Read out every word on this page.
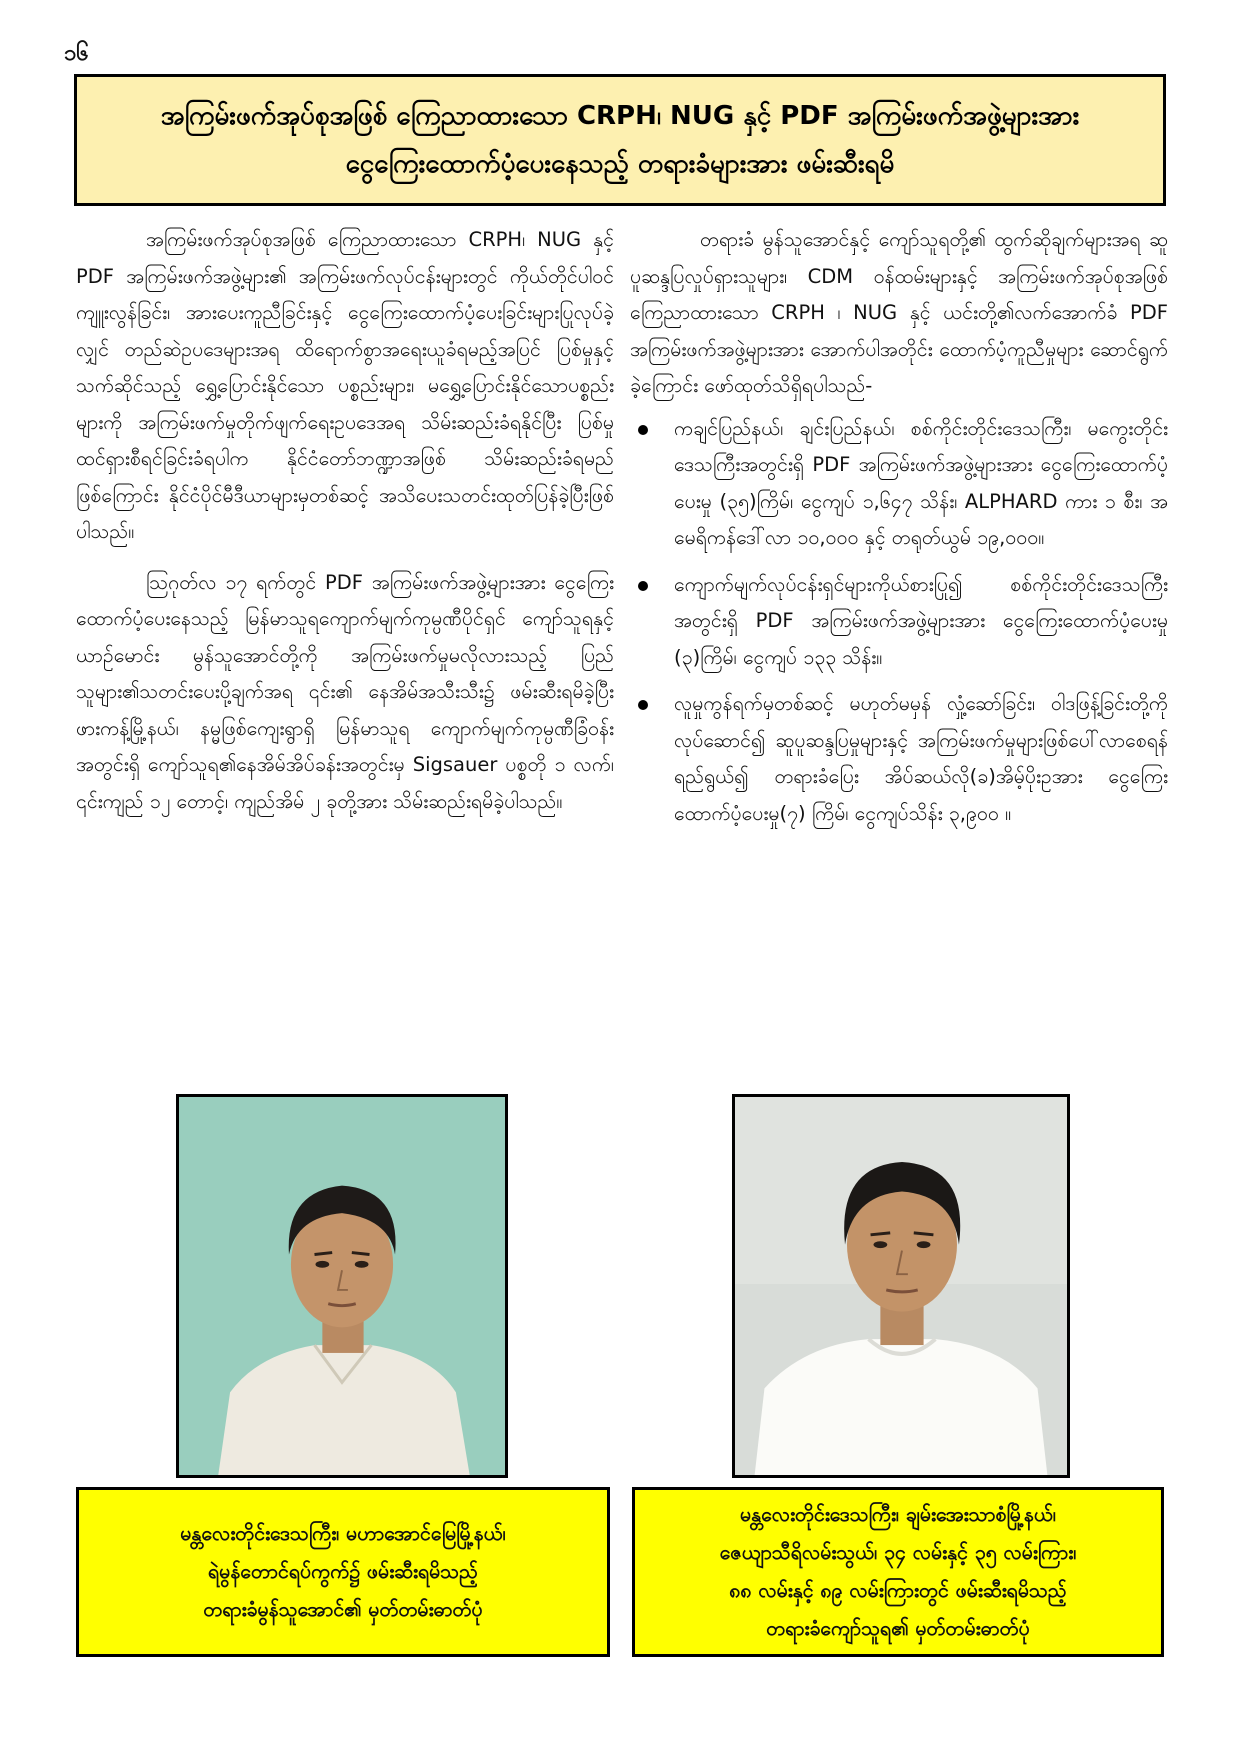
၁၆
အကြမ်းဖက်အုပ်စုအဖြစ် ကြေညာထားသော CRPH၊ NUG နှင့် PDF အကြမ်းဖက်အဖွဲ့များအား
ငွေကြေးထောက်ပံ့ပေးနေသည့် တရားခံများအား ဖမ်းဆီးရမိ

အကြမ်းဖက်အုပ်စုအဖြစ် ကြေညာထားသော CRPH၊ NUG နှင့် PDF အကြမ်းဖက်အဖွဲ့များ၏ အကြမ်းဖက်လုပ်ငန်းများတွင် ကိုယ်တိုင်ပါဝင်ကျူးလွန်ခြင်း၊ အားပေးကူညီခြင်းနှင့် ငွေကြေးထောက်ပံ့ပေးခြင်းများပြုလုပ်ခဲ့လျှင် တည်ဆဲဥပဒေများအရ ထိရောက်စွာအရေးယူခံရမည့်အပြင် ပြစ်မှုနှင့်သက်ဆိုင်သည့် ရွှေ့ပြောင်းနိုင်သော ပစ္စည်းများ၊ မရွှေ့ပြောင်းနိုင်သောပစ္စည်းများကို အကြမ်းဖက်မှုတိုက်ဖျက်ရေးဥပဒေအရ သိမ်းဆည်းခံရနိုင်ပြီး ပြစ်မှုထင်ရှားစီရင်ခြင်းခံရပါက နိုင်ငံတော်ဘဏ္ဍာအဖြစ် သိမ်းဆည်းခံရမည်ဖြစ်ကြောင်း နိုင်ငံပိုင်မီဒီယာများမှတစ်ဆင့် အသိပေးသတင်းထုတ်ပြန်ခဲ့ပြီးဖြစ်ပါသည်။

ဩဂုတ်လ ၁၇ ရက်တွင် PDF အကြမ်းဖက်အဖွဲ့များအား ငွေကြေးထောက်ပံ့ပေးနေသည့် မြန်မာသူရကျောက်မျက်ကုမ္ပဏီပိုင်ရှင် ကျော်သူရနှင့် ယာဉ်မောင်း မွန်သူအောင်တို့ကို အကြမ်းဖက်မှုမလိုလားသည့် ပြည်သူများ၏သတင်းပေးပို့ချက်အရ ၎င်း၏ နေအိမ်အသီးသီး၌ ဖမ်းဆီးရမိခဲ့ပြီး ဖားကန့်မြို့နယ်၊ နမ္မဖြစ်ကျေးရွာရှိ မြန်မာသူရ ကျောက်မျက်ကုမ္ပဏီခြံဝန်းအတွင်းရှိ ကျော်သူရ၏နေအိမ်အိပ်ခန်းအတွင်းမှ Sigsauer ပစ္စတို ၁ လက်၊ ၎င်းကျည် ၁၂ တောင့်၊ ကျည်အိမ် ၂ ခုတို့အား သိမ်းဆည်းရမိခဲ့ပါသည်။

တရားခံ မွန်သူအောင်နှင့် ကျော်သူရတို့၏ ထွက်ဆိုချက်များအရ ဆူပူဆန္ဒပြလှုပ်ရှားသူများ၊ CDM ဝန်ထမ်းများနှင့် အကြမ်းဖက်အုပ်စုအဖြစ် ကြေညာထားသော CRPH ၊ NUG နှင့် ယင်းတို့၏လက်အောက်ခံ PDF အကြမ်းဖက်အဖွဲ့များအား အောက်ပါအတိုင်း ထောက်ပံ့ကူညီမှုများ ဆောင်ရွက်ခဲ့ကြောင်း ဖော်ထုတ်သိရှိရပါသည်-

ကချင်ပြည်နယ်၊ ချင်းပြည်နယ်၊ စစ်ကိုင်းတိုင်းဒေသကြီး၊ မကွေးတိုင်းဒေသကြီးအတွင်းရှိ PDF အကြမ်းဖက်အဖွဲ့များအား ငွေကြေးထောက်ပံ့ပေးမှု (၃၅)ကြိမ်၊ ငွေကျပ် ၁,၆၄၇ သိန်း၊ ALPHARD ကား ၁ စီး၊ အမေရိကန်ဒေါ်လာ ၁၀,၀၀၀ နှင့် တရုတ်ယွမ် ၁၉,၀၀၀။
ကျောက်မျက်လုပ်ငန်းရှင်များကိုယ်စားပြု၍ စစ်ကိုင်းတိုင်းဒေသကြီးအတွင်းရှိ PDF အကြမ်းဖက်အဖွဲ့များအား ငွေကြေးထောက်ပံ့ပေးမှု (၃)ကြိမ်၊ ငွေကျပ် ၁၃၃ သိန်း။
လူမှုကွန်ရက်မှတစ်ဆင့် မဟုတ်မမှန် လှုံ့ဆော်ခြင်း၊ ဝါဒဖြန့်ခြင်းတို့ကို လုပ်ဆောင်၍ ဆူပူဆန္ဒပြမှုများနှင့် အကြမ်းဖက်မှုများဖြစ်ပေါ်လာစေရန် ရည်ရွယ်၍ တရားခံပြေး အိပ်ဆယ်လို(ခ)အိမ့်ပိုးဥအား ငွေကြေးထောက်ပံ့ပေးမှု(၇) ကြိမ်၊ ငွေကျပ်သိန်း ၃,၉၀၀ ။
မန္တလေးတိုင်းဒေသကြီး၊ မဟာအောင်မြေမြို့နယ်၊
ရဲမွန်တောင်ရပ်ကွက်၌ ဖမ်းဆီးရမိသည့်
တရားခံမွန်သူအောင်၏ မှတ်တမ်းဓာတ်ပုံ
မန္တလေးတိုင်းဒေသကြီး၊ ချမ်းအေးသာစံမြို့နယ်၊
ဇေယျာသီရိလမ်းသွယ်၊ ၃၄ လမ်းနှင့် ၃၅ လမ်းကြား၊
၈၈ လမ်းနှင့် ၈၉ လမ်းကြားတွင် ဖမ်းဆီးရမိသည့်
တရားခံကျော်သူရ၏ မှတ်တမ်းဓာတ်ပုံ
